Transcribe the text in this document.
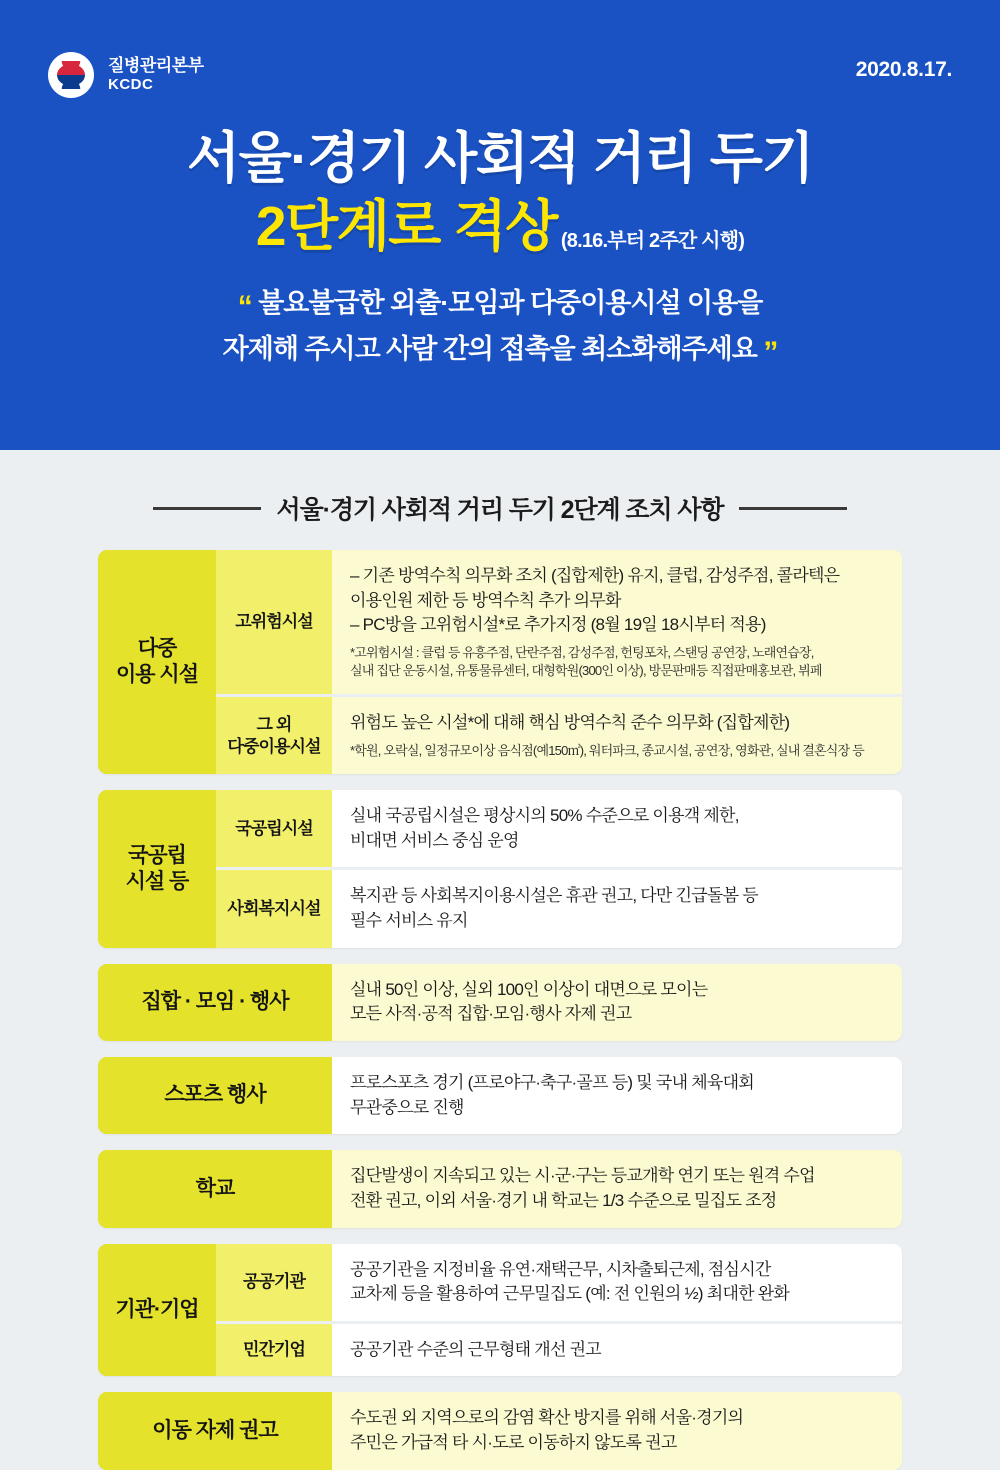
질병관리본부
KCDC
2020.8.17.
서울·경기 사회적 거리 두기
2단계로 격상 (8.16.부터 2주간 시행)
“ 불요불급한 외출·모임과 다중이용시설 이용을
자제해 주시고 사람 간의 접촉을 최소화해주세요 ”
서울·경기 사회적 거리 두기 2단계 조치 사항
다중
이용 시설
고위험시설
– 기존 방역수칙 의무화 조치 (집합제한) 유지, 클럽, 감성주점, 콜라텍은
이용인원 제한 등 방역수칙 추가 의무화
– PC방을 고위험시설*로 추가지정 (8월 19일 18시부터 적용)
*고위험시설 : 클럽 등 유흥주점, 단란주점, 감성주점, 헌팅포차, 스탠딩 공연장, 노래연습장,
실내 집단 운동시설, 유통물류센터, 대형학원(300인 이상), 방문판매등 직접판매홍보관, 뷔페
그 외
다중이용시설
위험도 높은 시설*에 대해 핵심 방역수칙 준수 의무화 (집합제한)
*학원, 오락실, 일정규모이상 음식점(예150㎡), 워터파크, 종교시설, 공연장, 영화관, 실내 결혼식장 등
국공립
시설 등
국공립시설
실내 국공립시설은 평상시의 50% 수준으로 이용객 제한,
비대면 서비스 중심 운영
사회복지시설
복지관 등 사회복지이용시설은 휴관 권고, 다만 긴급돌봄 등
필수 서비스 유지
집합 · 모임 · 행사
실내 50인 이상, 실외 100인 이상이 대면으로 모이는
모든 사적·공적 집합·모임·행사 자제 권고
스포츠 행사
프로스포츠 경기 (프로야구·축구·골프 등) 및 국내 체육대회
무관중으로 진행
학교
집단발생이 지속되고 있는 시·군·구는 등교개학 연기 또는 원격 수업
전환 권고, 이외 서울·경기 내 학교는 1/3 수준으로 밀집도 조정
기관·기업
공공기관
공공기관을 지정비율 유연·재택근무, 시차출퇴근제, 점심시간
교차제 등을 활용하여 근무밀집도 (예: 전 인원의 ½) 최대한 완화
민간기업	공공기관 수준의 근무형태 개선 권고
이동 자제 권고
수도권 외 지역으로의 감염 확산 방지를 위해 서울·경기의
주민은 가급적 타 시·도로 이동하지 않도록 권고
